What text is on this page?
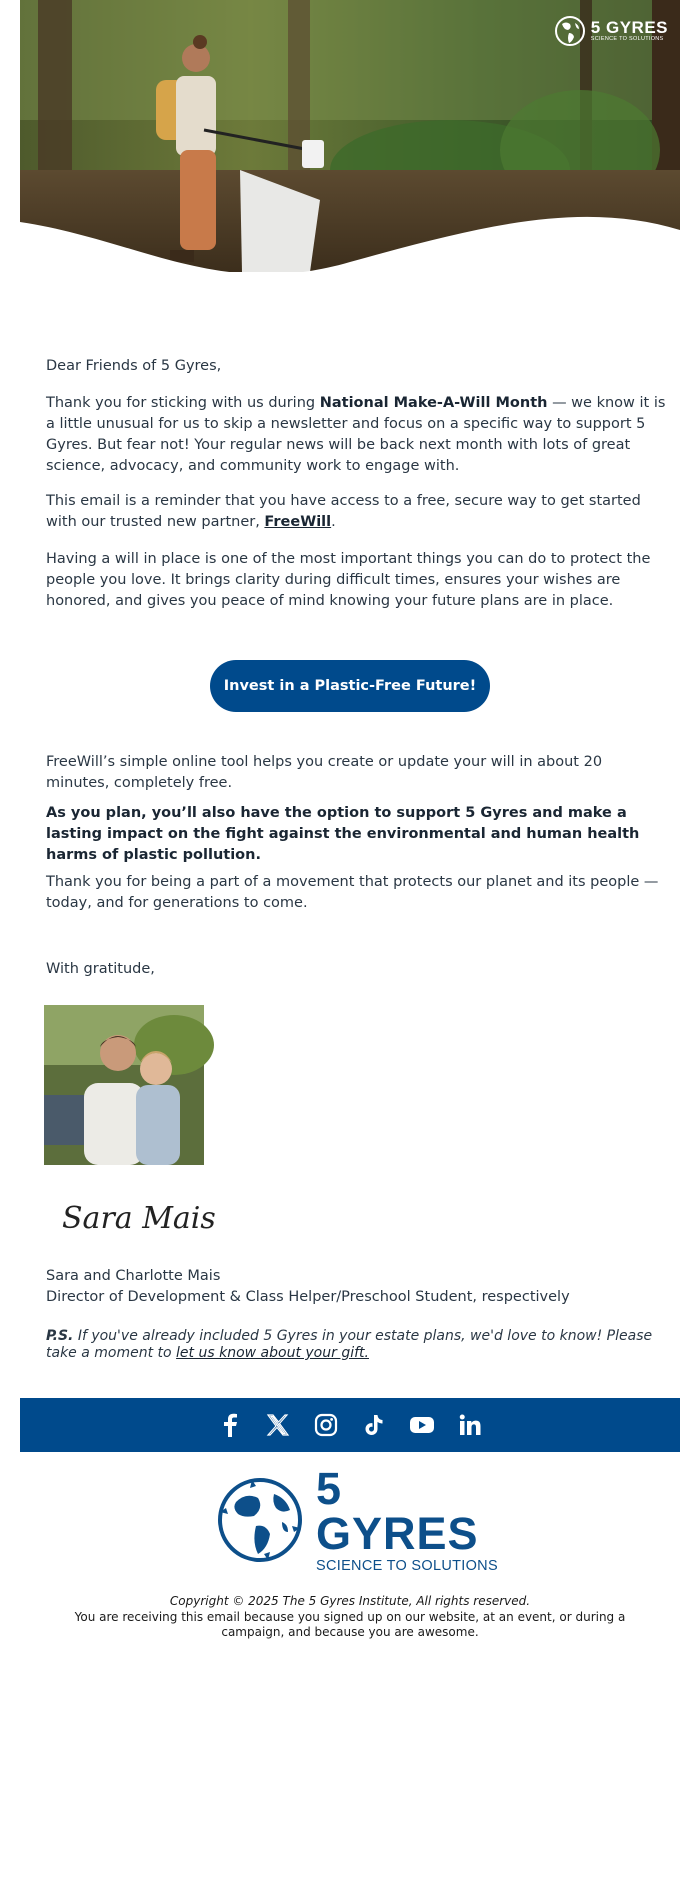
5 GYRES
SCIENCE TO SOLUTIONS

Dear Friends of 5 Gyres,

Thank you for sticking with us during National Make-A-Will Month — we know it is a little unusual for us to skip a newsletter and focus on a specific way to support 5 Gyres. But fear not! Your regular news will be back next month with lots of great science, advocacy, and community work to engage with.

This email is a reminder that you have access to a free, secure way to get started with our trusted new partner, FreeWill.

Having a will in place is one of the most important things you can do to protect the people you love. It brings clarity during difficult times, ensures your wishes are honored, and gives you peace of mind knowing your future plans are in place.

Invest in a Plastic-Free Future!

FreeWill’s simple online tool helps you create or update your will in about 20 minutes, completely free.

As you plan, you’ll also have the option to support 5 Gyres and make a lasting impact on the fight against the environmental and human health harms of plastic pollution.

Thank you for being a part of a movement that protects our planet and its people — today, and for generations to come.

With gratitude,

Sara Mais

Sara and Charlotte Mais

Director of Development & Class Helper/Preschool Student, respectively

P.S. If you've already included 5 Gyres in your estate plans, we'd love to know! Please take a moment to let us know about your gift.

5 GYRES
SCIENCE TO SOLUTIONS
Copyright © 2025 The 5 Gyres Institute, All rights reserved.
You are receiving this email because you signed up on our website, at an event, or during a campaign, and because you are awesome.
